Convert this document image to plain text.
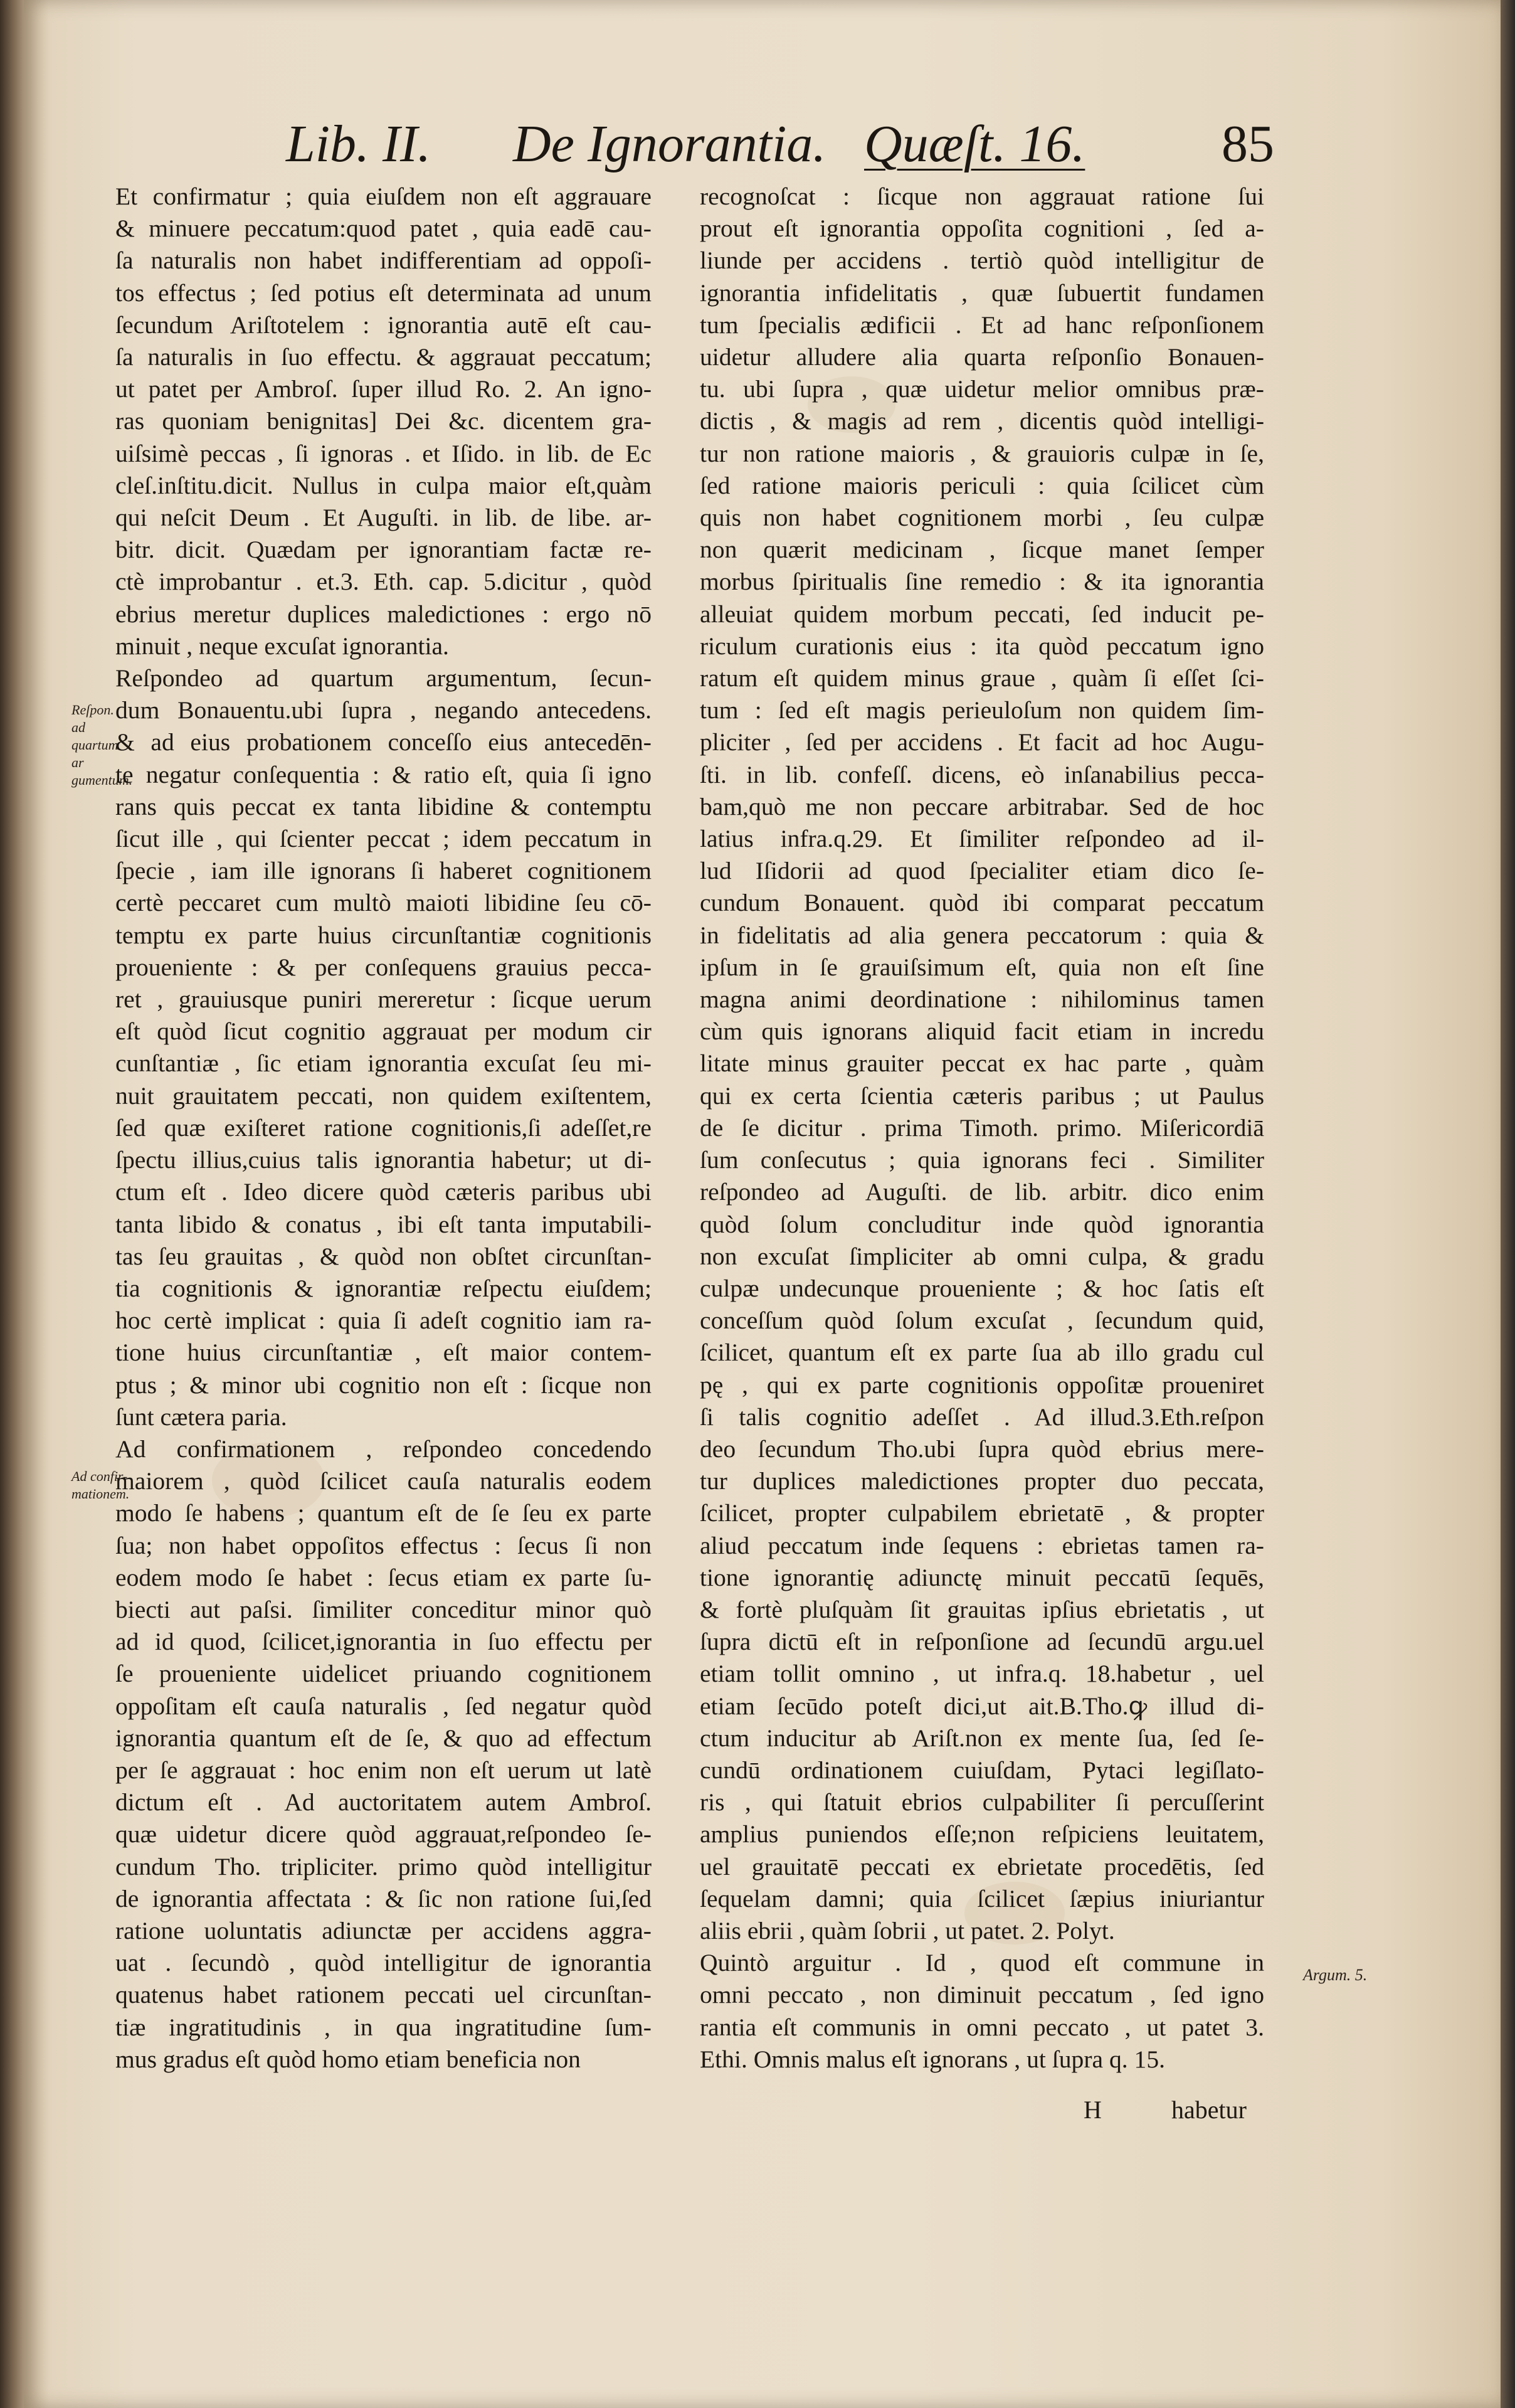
Lib. II. De Ignorantia. Quæſt. 16.	85
Reſpon. ad quartum ar gumentum.
Ad confir-mationem.
Argum. 5.
Et confirmatur ; quia eiuſdem non eſt aggrauare
& minuere peccatum:quod patet , quia eadē cau-
ſa naturalis non habet indifferentiam ad oppoſi-
tos effectus ; ſed potius eſt determinata ad unum
ſecundum Ariſtotelem : ignorantia autē eſt cau-
ſa naturalis in ſuo effectu. & aggrauat peccatum;
ut patet per Ambroſ. ſuper illud Ro. 2. An igno-
ras quoniam benignitas] Dei &c. dicentem gra-
uiſsimè peccas , ſi ignoras . et Iſido. in lib. de Ec
cleſ.inſtitu.dicit. Nullus in culpa maior eſt,quàm
qui neſcit Deum . Et Auguſti. in lib. de libe. ar-
bitr. dicit. Quædam per ignorantiam factæ re-
ctè improbantur . et.3. Eth. cap. 5.dicitur , quòd
ebrius meretur duplices maledictiones : ergo nō
minuit , neque excuſat ignorantia.
Reſpondeo ad quartum argumentum, ſecun-
dum Bonauentu.ubi ſupra , negando antecedens.
& ad eius probationem conceſſo eius antecedēn-
te negatur conſequentia : & ratio eſt, quia ſi igno
rans quis peccat ex tanta libidine & contemptu
ſicut ille , qui ſcienter peccat ; idem peccatum in
ſpecie , iam ille ignorans ſi haberet cognitionem
certè peccaret cum multò maioti libidine ſeu cō-
temptu ex parte huius circunſtantiæ cognitionis
proueniente : & per conſequens grauius pecca-
ret , grauiusque puniri mereretur : ſicque uerum
eſt quòd ſicut cognitio aggrauat per modum cir
cunſtantiæ , ſic etiam ignorantia excuſat ſeu mi-
nuit grauitatem peccati, non quidem exiſtentem,
ſed quæ exiſteret ratione cognitionis,ſi adeſſet,re
ſpectu illius,cuius talis ignorantia habetur; ut di-
ctum eſt . Ideo dicere quòd cæteris paribus ubi
tanta libido & conatus , ibi eſt tanta imputabili-
tas ſeu grauitas , & quòd non obſtet circunſtan-
tia cognitionis & ignorantiæ reſpectu eiuſdem;
hoc certè implicat : quia ſi adeſt cognitio iam ra-
tione huius circunſtantiæ , eſt maior contem-
ptus ; & minor ubi cognitio non eſt : ſicque non
ſunt cætera paria.
Ad confirmationem , reſpondeo concedendo
maiorem , quòd ſcilicet cauſa naturalis eodem
modo ſe habens ; quantum eſt de ſe ſeu ex parte
ſua; non habet oppoſitos effectus : ſecus ſi non
eodem modo ſe habet : ſecus etiam ex parte ſu-
biecti aut paſsi. ſimiliter conceditur minor quò
ad id quod, ſcilicet,ignorantia in ſuo effectu per
ſe proueniente uidelicet priuando cognitionem
oppoſitam eſt cauſa naturalis , ſed negatur quòd
ignorantia quantum eſt de ſe, & quo ad effectum
per ſe aggrauat : hoc enim non eſt uerum ut latè
dictum eſt . Ad auctoritatem autem Ambroſ.
quæ uidetur dicere quòd aggrauat,reſpondeo ſe-
cundum Tho. tripliciter. primo quòd intelligitur
de ignorantia affectata : & ſic non ratione ſui,ſed
ratione uoluntatis adiunctæ per accidens aggra-
uat . ſecundò , quòd intelligitur de ignorantia
quatenus habet rationem peccati uel circunſtan-
tiæ ingratitudinis , in qua ingratitudine ſum-
mus gradus eſt quòd homo etiam beneficia non
recognoſcat : ſicque non aggrauat ratione ſui
prout eſt ignorantia oppoſita cognitioni , ſed a-
liunde per accidens . tertiò quòd intelligitur de
ignorantia infidelitatis , quæ ſubuertit fundamen
tum ſpecialis ædificii . Et ad hanc reſponſionem
uidetur alludere alia quarta reſponſio Bonauen-
tu. ubi ſupra , quæ uidetur melior omnibus præ-
dictis , & magis ad rem , dicentis quòd intelligi-
tur non ratione maioris , & grauioris culpæ in ſe,
ſed ratione maioris periculi : quia ſcilicet cùm
quis non habet cognitionem morbi , ſeu culpæ
non quærit medicinam , ſicque manet ſemper
morbus ſpiritualis ſine remedio : & ita ignorantia
alleuiat quidem morbum peccati, ſed inducit pe-
riculum curationis eius : ita quòd peccatum igno
ratum eſt quidem minus graue , quàm ſi eſſet ſci-
tum : ſed eſt magis perieuloſum non quidem ſim-
pliciter , ſed per accidens . Et facit ad hoc Augu-
ſti. in lib. confeſſ. dicens, eò inſanabilius pecca-
bam,quò me non peccare arbitrabar. Sed de hoc
latius infra.q.29. Et ſimiliter reſpondeo ad il-
lud Iſidorii ad quod ſpecialiter etiam dico ſe-
cundum Bonauent. quòd ibi comparat peccatum
in fidelitatis ad alia genera peccatorum : quia &
ipſum in ſe grauiſsimum eſt, quia non eſt ſine
magna animi deordinatione : nihilominus tamen
cùm quis ignorans aliquid facit etiam in incredu
litate minus grauiter peccat ex hac parte , quàm
qui ex certa ſcientia cæteris paribus ; ut Paulus
de ſe dicitur . prima Timoth. primo. Miſericordiā
ſum conſecutus ; quia ignorans feci . Similiter
reſpondeo ad Auguſti. de lib. arbitr. dico enim
quòd ſolum concluditur inde quòd ignorantia
non excuſat ſimpliciter ab omni culpa, & gradu
culpæ undecunque proueniente ; & hoc ſatis eſt
conceſſum quòd ſolum excuſat , ſecundum quid,
ſcilicet, quantum eſt ex parte ſua ab illo gradu cul
pę , qui ex parte cognitionis oppoſitæ proueniret
ſi talis cognitio adeſſet . Ad illud.3.Eth.reſpon
deo ſecundum Tho.ubi ſupra quòd ebrius mere-
tur duplices maledictiones propter duo peccata,
ſcilicet, propter culpabilem ebrietatē , & propter
aliud peccatum inde ſequens : ebrietas tamen ra-
tione ignorantię adiunctę minuit peccatū ſequēs,
& fortè pluſquàm ſit grauitas ipſius ebrietatis , ut
ſupra dictū eſt in reſponſione ad ſecundū argu.uel
etiam tollit omnino , ut infra.q. 18.habetur , uel
etiam ſecūdo poteſt dici,ut ait.B.Tho.ꝙ illud di-
ctum inducitur ab Ariſt.non ex mente ſua, ſed ſe-
cundū ordinationem cuiuſdam, Pytaci legiſlato-
ris , qui ſtatuit ebrios culpabiliter ſi percuſſerint
amplius puniendos eſſe;non reſpiciens leuitatem,
uel grauitatē peccati ex ebrietate procedētis, ſed
ſequelam damni; quia ſcilicet ſæpius iniuriantur
aliis ebrii , quàm ſobrii , ut patet. 2. Polyt.
Quintò arguitur . Id , quod eſt commune in
omni peccato , non diminuit peccatum , ſed igno
rantia eſt communis in omni peccato , ut patet 3.
Ethi. Omnis malus eſt ignorans , ut ſupra q. 15.
H	habetur
